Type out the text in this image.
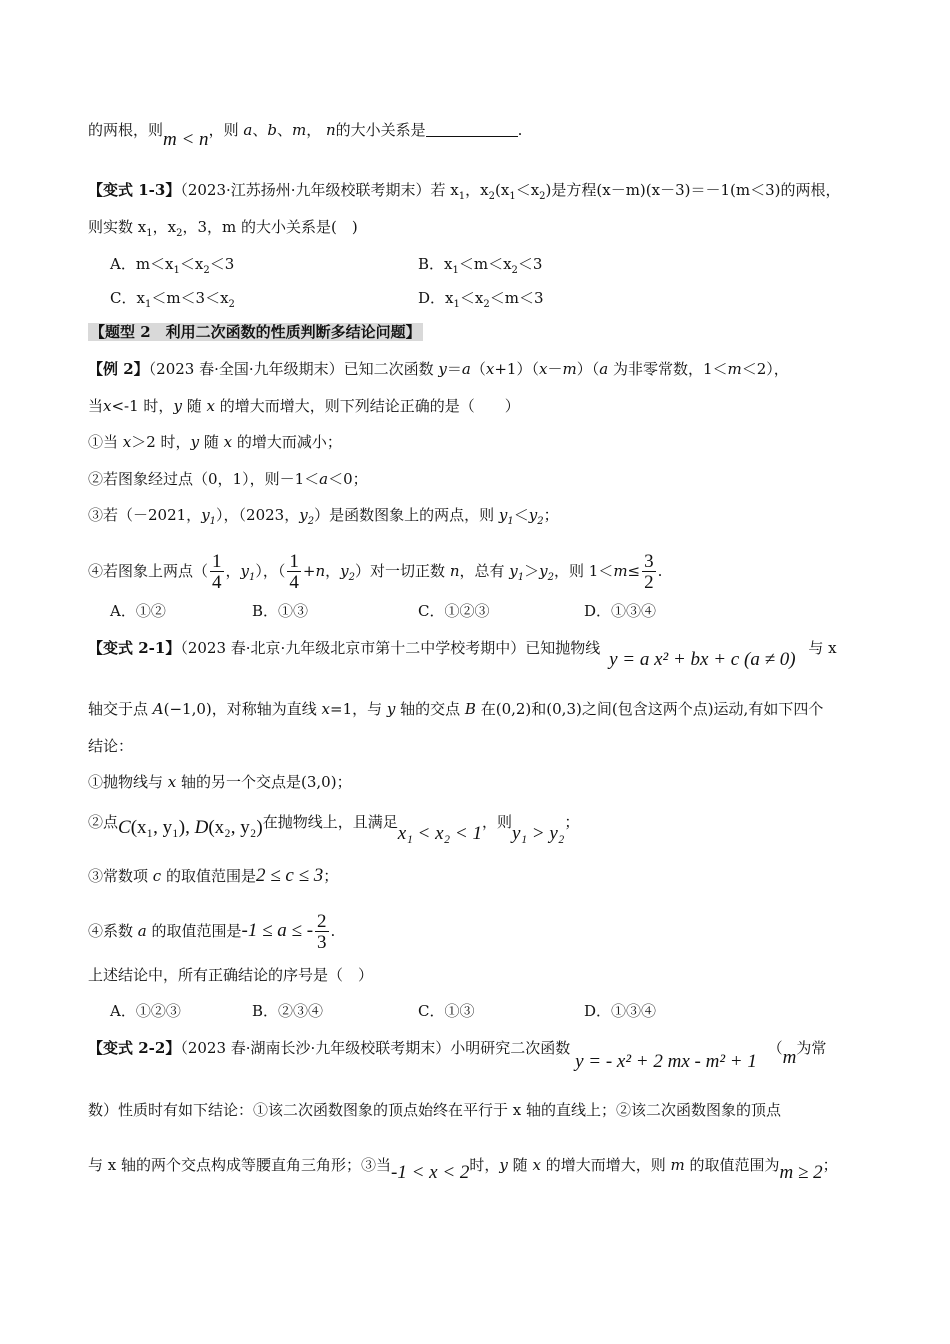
的两根，则m < n，则 a、b、m， n的大小关系是	.
【变式 1-3】（2023·江苏扬州·九年级校联考期末）若 $x_1$，$x_2(x_1<x_2)$是方程(x－m)(x－3)＝－1(m＜3)的两根，
则实数 $x_1$，$x_2$，3，m 的大小关系是(　)
A．$m<x_1<x_2<3$	B．$x_1<m<x_2<3$
C．$x_1<m<3<x_2$	D．$x_1<x_2<m<3$
【题型 2　利用二次函数的性质判断多结论问题】
【例 2】（2023 春·全国·九年级期末）已知二次函数 y＝a（x+1）（x－m）（a 为非零常数，1＜m＜2），
当x<-1 时，y 随 x 的增大而增大，则下列结论正确的是（　　）
①当 x＞2 时，y 随 x 的增大而减小；
②若图象经过点（0，1），则－1＜a＜0；
③若（－2021，$y_1$），（2023，$y_2$）是函数图象上的两点，则 $y_1<y_2$；
④若图象上两点（ $\frac{1}{4}$ ，$y_1$），（ $\frac{1}{4} +n$，$y_2$）对一切正数 n，总有 $y_1>y_2$，则 $1<m\le \frac{3}{2}$ .
A．①②	B．①③	C．①②③	D．①③④
【变式 2-1】（2023 春·北京·九年级北京市第十二中学校考期中）已知抛物线 y = a x² + bx + c (a ≠ 0) 与 x
轴交于点 A(−1,0)，对称轴为直线 x=1，与 y 轴的交点 B 在(0,2)和(0,3)之间(包含这两个点)运动,有如下四个
结论：
①抛物线与 x 轴的另一个交点是(3,0)；
②点C(x₁, y₁), D(x₂, y₂)在抛物线上，且满足x₁ < x₂ < 1，则y₁ > y₂；
③常数项 c 的取值范围是2 ≤ c ≤ 3；
④系数 a 的取值范围是-1 ≤ a ≤ - $\frac{2}{3}$ .
上述结论中，所有正确结论的序号是（　）
A．①②③	B．②③④	C．①③	D．①③④
【变式 2-2】（2023 春·湖南长沙·九年级校联考期末）小明研究二次函数 y = - x² + 2 mx - m² + 1 （m为常
数）性质时有如下结论：①该二次函数图象的顶点始终在平行于 x 轴的直线上；②该二次函数图象的顶点
与 x 轴的两个交点构成等腰直角三角形；③当-1 < x < 2时，y 随 x 的增大而增大，则 m 的取值范围为m ≥ 2；
